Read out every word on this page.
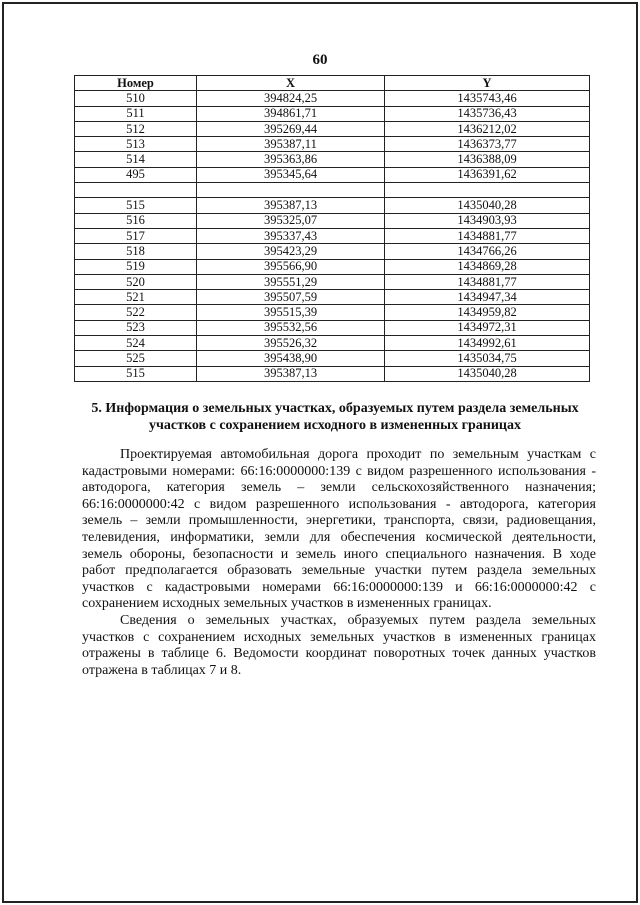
60
Номер	X	Y
510	394824,25	1435743,46
511	394861,71	1435736,43
512	395269,44	1436212,02
513	395387,11	1436373,77
514	395363,86	1436388,09
495	395345,64	1436391,62

515	395387,13	1435040,28
516	395325,07	1434903,93
517	395337,43	1434881,77
518	395423,29	1434766,26
519	395566,90	1434869,28
520	395551,29	1434881,77
521	395507,59	1434947,34
522	395515,39	1434959,82
523	395532,56	1434972,31
524	395526,32	1434992,61
525	395438,90	1435034,75
515	395387,13	1435040,28
5. Информация о земельных участках, образуемых путем раздела земельных
участков с сохранением исходного в измененных границах

Проектируемая автомобильная дорога проходит по земельным участкам с кадастровыми номерами: 66:16:0000000:139 с видом разрешенного использования - автодорога, категория земель – земли сельскохозяйственного назначения; 66:16:0000000:42 с видом разрешенного использования - автодорога, категория земель – земли промышленности, энергетики, транспорта, связи, радиовещания, телевидения, информатики, земли для обеспечения космической деятельности, земель обороны, безопасности и земель иного специального назначения. В ходе работ предполагается образовать земельные участки путем раздела земельных участков с кадастровыми номерами 66:16:0000000:139 и 66:16:0000000:42 с сохранением исходных земельных участков в измененных границах.

Сведения о земельных участках, образуемых путем раздела земельных участков с сохранением исходных земельных участков в измененных границах отражены в таблице 6. Ведомости координат поворотных точек данных участков отражена в таблицах 7 и 8.
